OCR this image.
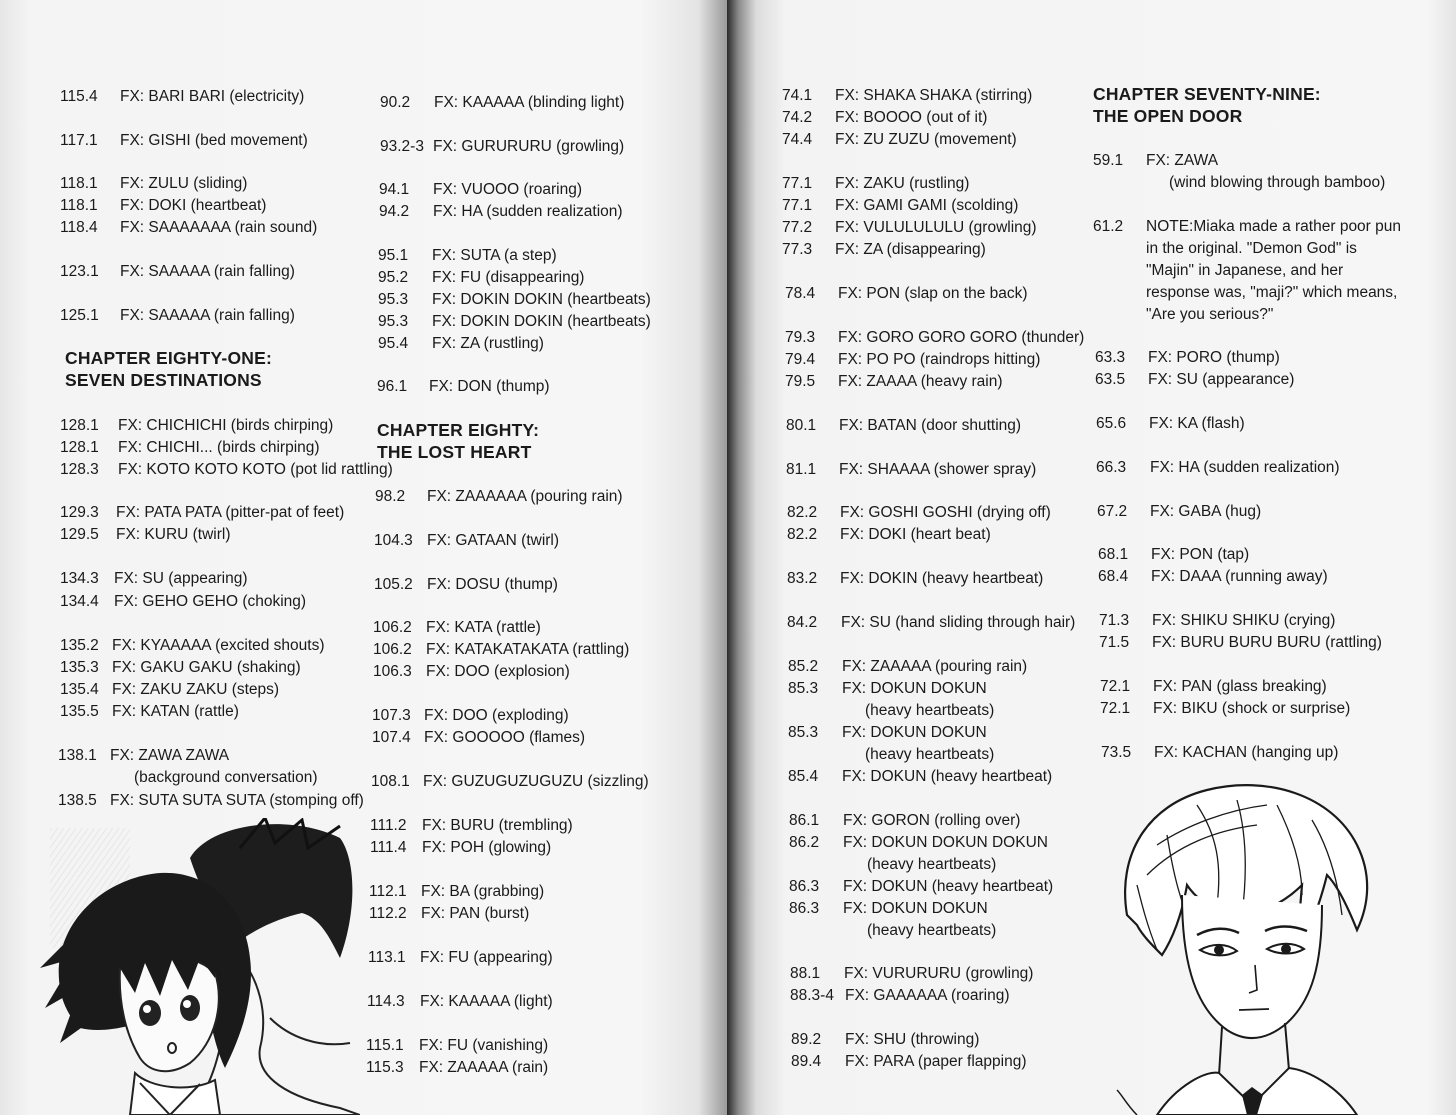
115.4 FX: BARI BARI (electricity)
117.1 FX: GISHI (bed movement)
118.1 FX: ZULU (sliding)
118.1 FX: DOKI (heartbeat)
118.4 FX: SAAAAAAA (rain sound)
123.1 FX: SAAAAA (rain falling)
125.1 FX: SAAAAA (rain falling)
CHAPTER EIGHTY-ONE:
SEVEN DESTINATIONS
128.1 FX: CHICHICHI (birds chirping)
128.1 FX: CHICHI... (birds chirping)
128.3 FX: KOTO KOTO KOTO (pot lid rattling)
129.3 FX: PATA PATA (pitter-pat of feet)
129.5 FX: KURU (twirl)
134.3 FX: SU (appearing)
134.4 FX: GEHO GEHO (choking)
135.2 FX: KYAAAAA (excited shouts)
135.3 FX: GAKU GAKU (shaking)
135.4 FX: ZAKU ZAKU (steps)
135.5 FX: KATAN (rattle)
138.1 FX: ZAWA ZAWA
(background conversation)
138.5 FX: SUTA SUTA SUTA (stomping off)
90.2 FX: KAAAAA (blinding light)
93.2-3 FX: GURURURU (growling)
94.1 FX: VUOOO (roaring)
94.2 FX: HA (sudden realization)
95.1 FX: SUTA (a step)
95.2 FX: FU (disappearing)
95.3 FX: DOKIN DOKIN (heartbeats)
95.3 FX: DOKIN DOKIN (heartbeats)
95.4 FX: ZA (rustling)
96.1 FX: DON (thump)
CHAPTER EIGHTY:
THE LOST HEART
98.2 FX: ZAAAAAA (pouring rain)
104.3 FX: GATAAN (twirl)
105.2 FX: DOSU (thump)
106.2 FX: KATA (rattle)
106.2 FX: KATAKATAKATA (rattling)
106.3 FX: DOO (explosion)
107.3 FX: DOO (exploding)
107.4 FX: GOOOOO (flames)
108.1 FX: GUZUGUZUGUZU (sizzling)
111.2 FX: BURU (trembling)
111.4 FX: POH (glowing)
112.1 FX: BA (grabbing)
112.2 FX: PAN (burst)
113.1 FX: FU (appearing)
114.3 FX: KAAAAA (light)
115.1 FX: FU (vanishing)
115.3 FX: ZAAAAA (rain)
74.1 FX: SHAKA SHAKA (stirring)
74.2 FX: BOOOO (out of it)
74.4 FX: ZU ZUZU (movement)
77.1 FX: ZAKU (rustling)
77.1 FX: GAMI GAMI (scolding)
77.2 FX: VULULULULU (growling)
77.3 FX: ZA (disappearing)
78.4 FX: PON (slap on the back)
79.3 FX: GORO GORO GORO (thunder)
79.4 FX: PO PO (raindrops hitting)
79.5 FX: ZAAAA (heavy rain)
80.1 FX: BATAN (door shutting)
81.1 FX: SHAAAA (shower spray)
82.2 FX: GOSHI GOSHI (drying off)
82.2 FX: DOKI (heart beat)
83.2 FX: DOKIN (heavy heartbeat)
84.2 FX: SU (hand sliding through hair)
85.2 FX: ZAAAAA (pouring rain)
85.3 FX: DOKUN DOKUN
(heavy heartbeats)
85.3 FX: DOKUN DOKUN
(heavy heartbeats)
85.4 FX: DOKUN (heavy heartbeat)
86.1 FX: GORON (rolling over)
86.2 FX: DOKUN DOKUN DOKUN
(heavy heartbeats)
86.3 FX: DOKUN (heavy heartbeat)
86.3 FX: DOKUN DOKUN
(heavy heartbeats)
88.1 FX: VURURURU (growling)
88.3-4 FX: GAAAAAA (roaring)
89.2 FX: SHU (throwing)
89.4 FX: PARA (paper flapping)
CHAPTER SEVENTY-NINE:
THE OPEN DOOR
59.1 FX: ZAWA
(wind blowing through bamboo)
61.2 NOTE:Miaka made a rather poor pun
in the original. "Demon God" is
"Majin" in Japanese, and her
response was, "maji?" which means,
"Are you serious?"
63.3 FX: PORO (thump)
63.5 FX: SU (appearance)
65.6 FX: KA (flash)
66.3 FX: HA (sudden realization)
67.2 FX: GABA (hug)
68.1 FX: PON (tap)
68.4 FX: DAAA (running away)
71.3 FX: SHIKU SHIKU (crying)
71.5 FX: BURU BURU BURU (rattling)
72.1 FX: PAN (glass breaking)
72.1 FX: BIKU (shock or surprise)
73.5 FX: KACHAN (hanging up)
